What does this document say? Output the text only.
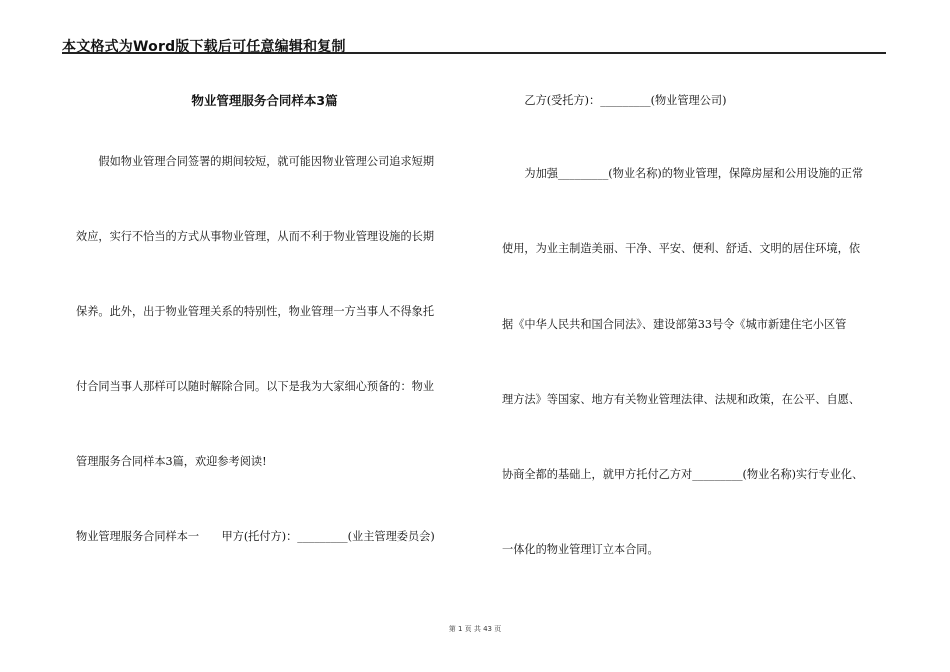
本文格式为Word版下载后可任意编辑和复制
物业管理服务合同样本3篇
　　假如物业管理合同签署的期间较短，就可能因物业管理公司追求短期
效应，实行不恰当的方式从事物业管理，从而不利于物业管理设施的长期
保养。此外，出于物业管理关系的特别性，物业管理一方当事人不得象托
付合同当事人那样可以随时解除合同。以下是我为大家细心预备的：物业
管理服务合同样本3篇，欢迎参考阅读!
物业管理服务合同样本一　　甲方(托付方)：_________(业主管理委员会)
　　乙方(受托方)：_________(物业管理公司)
　　为加强_________(物业名称)的物业管理，保障房屋和公用设施的正常
使用，为业主制造美丽、干净、平安、便利、舒适、文明的居住环境，依
据《中华人民共和国合同法》、建设部第33号令《城市新建住宅小区管
理方法》等国家、地方有关物业管理法律、法规和政策，在公平、自愿、
协商全都的基础上，就甲方托付乙方对_________(物业名称)实行专业化、
一体化的物业管理订立本合同。
第 1 页 共 43 页
